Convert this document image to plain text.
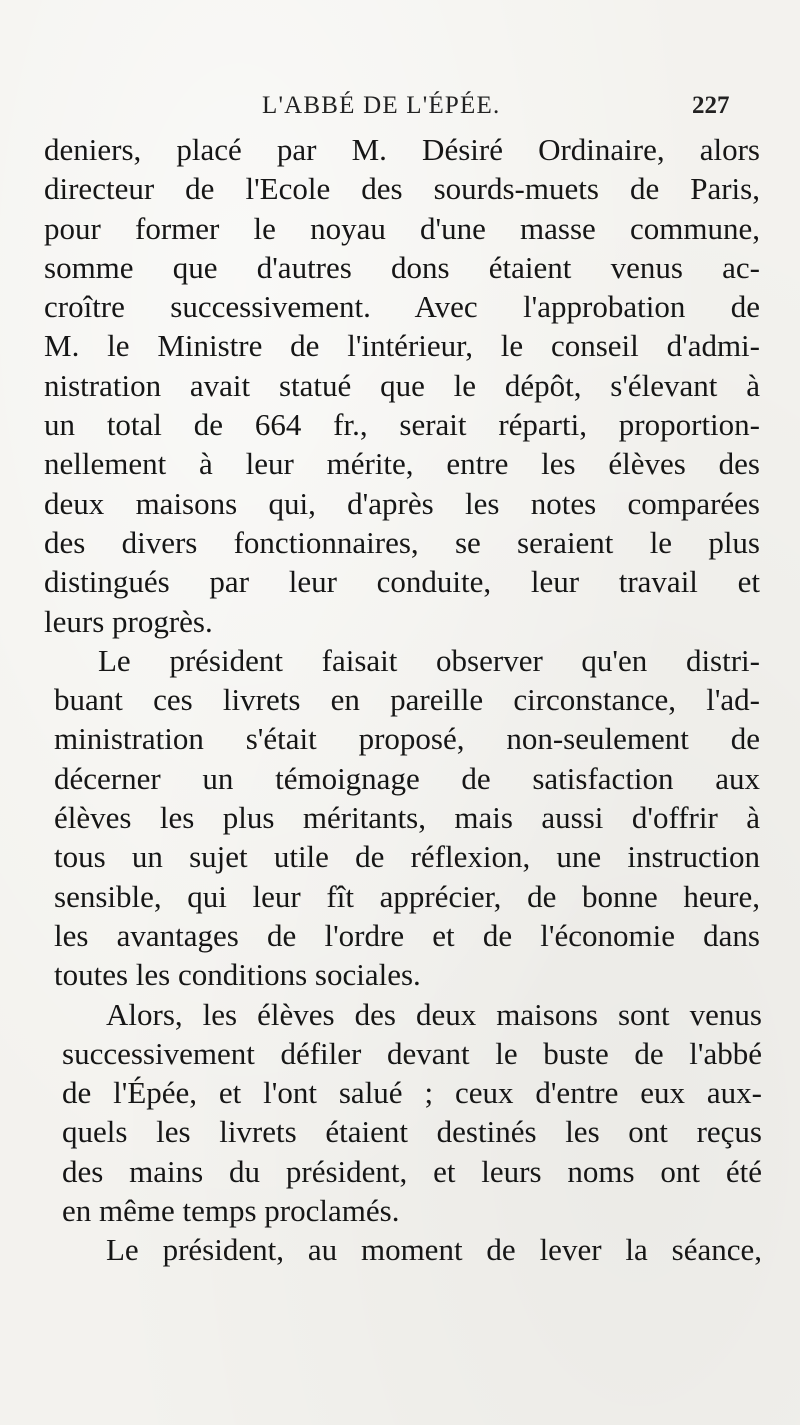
L'ABBÉ DE L'ÉPÉE.	227
deniers, placé par M. Désiré Ordinaire, alors
directeur de l'Ecole des sourds-muets de Paris,
pour former le noyau d'une masse commune,
somme que d'autres dons étaient venus ac-
croître successivement. Avec l'approbation de
M. le Ministre de l'intérieur, le conseil d'admi-
nistration avait statué que le dépôt, s'élevant à
un total de 664 fr., serait réparti, proportion-
nellement à leur mérite, entre les élèves des
deux maisons qui, d'après les notes comparées
des divers fonctionnaires, se seraient le plus
distingués par leur conduite, leur travail et
leurs progrès.
Le président faisait observer qu'en distri-
buant ces livrets en pareille circonstance, l'ad-
ministration s'était proposé, non-seulement de
décerner un témoignage de satisfaction aux
élèves les plus méritants, mais aussi d'offrir à
tous un sujet utile de réflexion, une instruction
sensible, qui leur fît apprécier, de bonne heure,
les avantages de l'ordre et de l'économie dans
toutes les conditions sociales.
Alors, les élèves des deux maisons sont venus
successivement défiler devant le buste de l'abbé
de l'Épée, et l'ont salué ; ceux d'entre eux aux-
quels les livrets étaient destinés les ont reçus
des mains du président, et leurs noms ont été
en même temps proclamés.
Le président, au moment de lever la séance,
